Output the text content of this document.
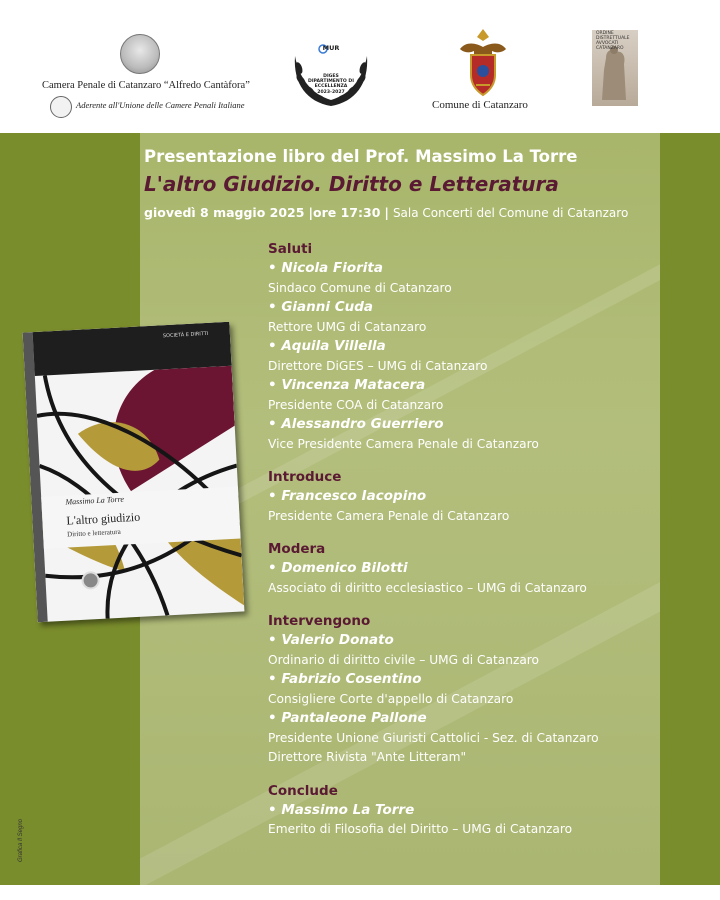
Camera Penale di Catanzaro “Alfredo Cantàfora”
Aderente all'Unione delle Camere Penali Italiane
MUR
DIGES
DIPARTIMENTO DI
ECCELLENZA
2023-2027
Comune di Catanzaro
ORDINE
DISTRETTUALE
AVVOCATI
CATANZARO
Presentazione libro del Prof. Massimo La Torre
L'altro Giudizio. Diritto e Letteratura
giovedì 8 maggio 2025 |ore 17:30 | Sala Concerti del Comune di Catanzaro
Saluti
• Nicola Fiorita
Sindaco Comune di Catanzaro
• Gianni Cuda
Rettore UMG di Catanzaro
• Aquila Villella
Direttore DiGES – UMG di Catanzaro
• Vincenza Matacera
Presidente COA di Catanzaro
• Alessandro Guerriero
Vice Presidente Camera Penale di Catanzaro
Introduce
• Francesco Iacopino
Presidente Camera Penale di Catanzaro
Modera
• Domenico Bilotti
Associato di diritto ecclesiastico – UMG di Catanzaro
Intervengono
• Valerio Donato
Ordinario di diritto civile – UMG di Catanzaro
• Fabrizio Cosentino
Consigliere Corte d'appello di Catanzaro
• Pantaleone Pallone
Presidente Unione Giuristi Cattolici - Sez. di Catanzaro
Direttore Rivista "Ante Litteram"
Conclude
• Massimo La Torre
Emerito di Filosofia del Diritto – UMG di Catanzaro
SOCIETÀ E DIRITTI
Massimo La Torre
L'altro giudizio
Diritto e letteratura
Grafica Il Segno
